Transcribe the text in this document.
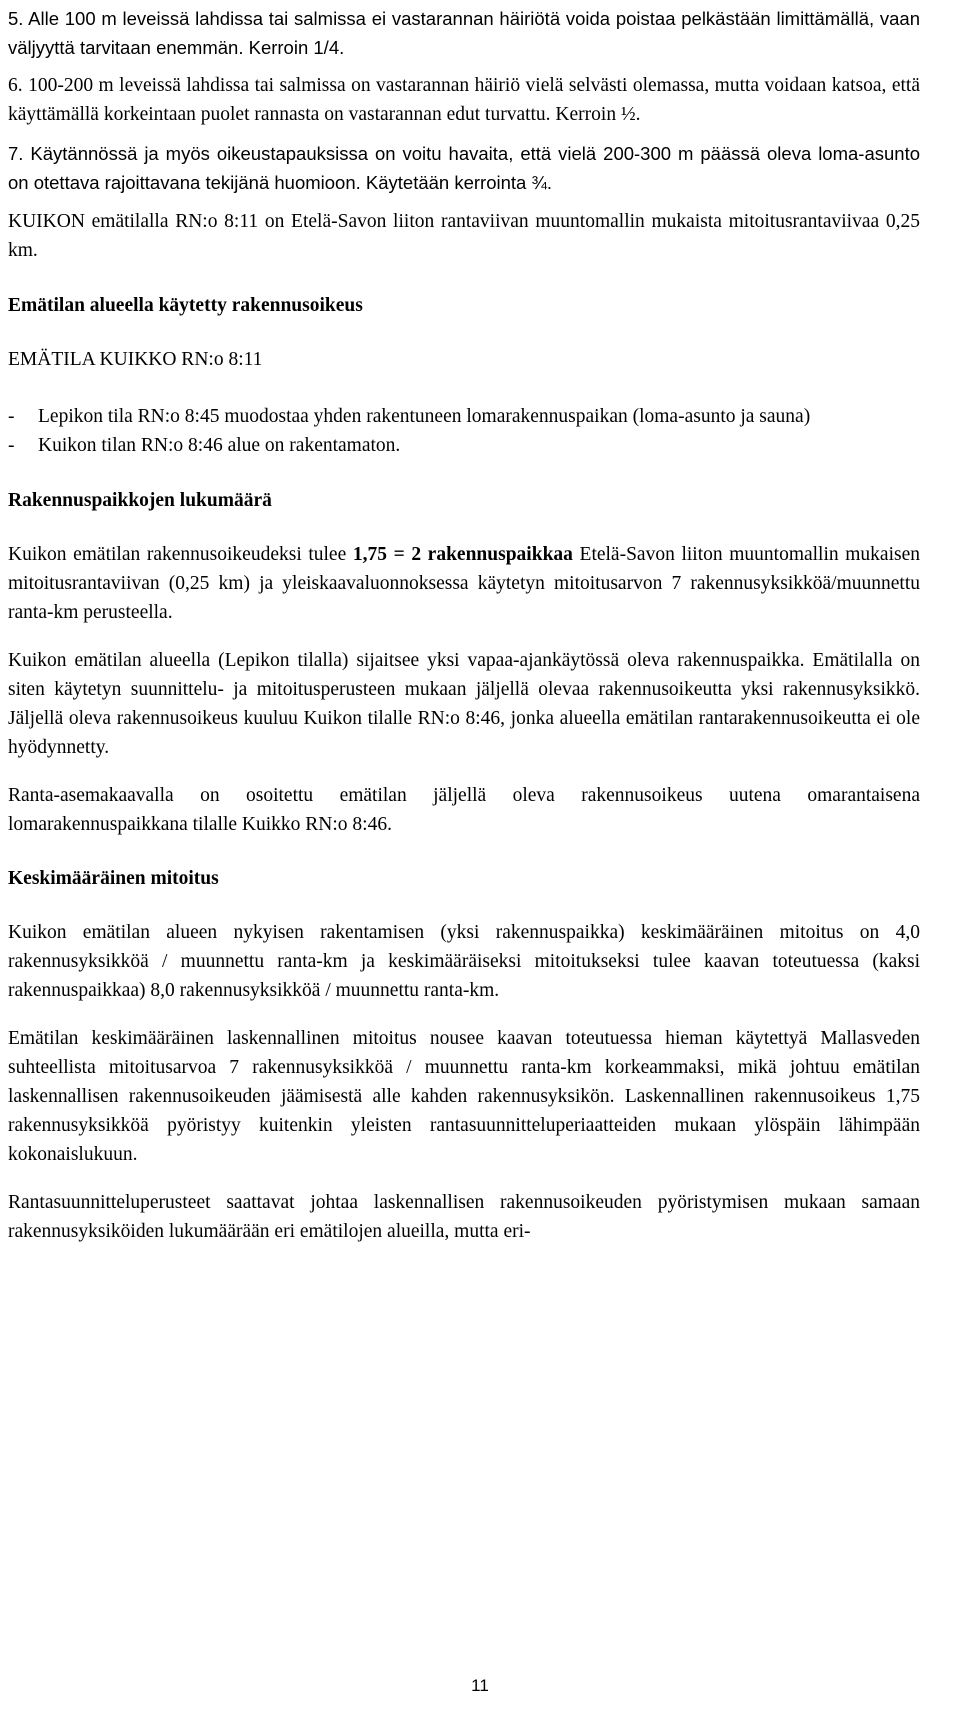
5. Alle 100 m leveissä lahdissa tai salmissa ei vastarannan häiriötä voida poistaa pelkästään limittämällä, vaan väljyyttä tarvitaan enemmän. Kerroin 1/4.

6. 100-200 m leveissä lahdissa tai salmissa on vastarannan häiriö vielä selvästi olemassa, mutta voidaan katsoa, että käyttämällä korkeintaan puolet rannasta on vastarannan edut turvattu. Kerroin ½.

7. Käytännössä ja myös oikeustapauksissa on voitu havaita, että vielä 200-300 m päässä oleva loma-asunto on otettava rajoittavana tekijänä huomioon. Käytetään kerrointa ¾.

KUIKON emätilalla RN:o 8:11 on Etelä-Savon liiton rantaviivan muuntomallin mukaista mitoitusrantaviivaa 0,25 km.

Emätilan alueella käytetty rakennusoikeus

EMÄTILA KUIKKO RN:o 8:11

-	Lepikon tila RN:o 8:45 muodostaa yhden rakentuneen lomarakennuspaikan (loma-asunto ja sauna)
-	Kuikon tilan RN:o 8:46 alue on rakentamaton.
Rakennuspaikkojen lukumäärä

Kuikon emätilan rakennusoikeudeksi tulee 1,75 = 2 rakennuspaikkaa Etelä-Savon liiton muuntomallin mukaisen mitoitusrantaviivan (0,25 km) ja yleiskaavaluonnoksessa käytetyn mitoitusarvon 7 rakennusyksikköä/muunnettu ranta-km perusteella.

Kuikon emätilan alueella (Lepikon tilalla) sijaitsee yksi vapaa-ajankäytössä oleva rakennuspaikka. Emätilalla on siten käytetyn suunnittelu- ja mitoitusperusteen mukaan jäljellä olevaa rakennusoikeutta yksi rakennusyksikkö. Jäljellä oleva rakennusoikeus kuuluu Kuikon tilalle RN:o 8:46, jonka alueella emätilan rantarakennusoikeutta ei ole hyödynnetty.

Ranta-asemakaavalla on osoitettu emätilan jäljellä oleva rakennusoikeus uutena omarantaisena lomarakennuspaikkana tilalle Kuikko RN:o 8:46.

Keskimääräinen mitoitus

Kuikon emätilan alueen nykyisen rakentamisen (yksi rakennuspaikka) keskimääräinen mitoitus on 4,0 rakennusyksikköä / muunnettu ranta-km ja keskimääräiseksi mitoitukseksi tulee kaavan toteutuessa (kaksi rakennuspaikkaa) 8,0 rakennusyksikköä / muunnettu ranta-km.

Emätilan keskimääräinen laskennallinen mitoitus nousee kaavan toteutuessa hieman käytettyä Mallasveden suhteellista mitoitusarvoa 7 rakennusyksikköä / muunnettu ranta-km korkeammaksi, mikä johtuu emätilan laskennallisen rakennusoikeuden jäämisestä alle kahden rakennusyksikön. Laskennallinen rakennusoikeus 1,75 rakennusyksikköä pyöristyy kuitenkin yleisten rantasuunnitteluperiaatteiden mukaan ylöspäin lähimpään kokonaislukuun.

Rantasuunnitteluperusteet saattavat johtaa laskennallisen rakennusoikeuden pyöristymisen mukaan samaan rakennusyksiköiden lukumäärään eri emätilojen alueilla, mutta eri-

11
